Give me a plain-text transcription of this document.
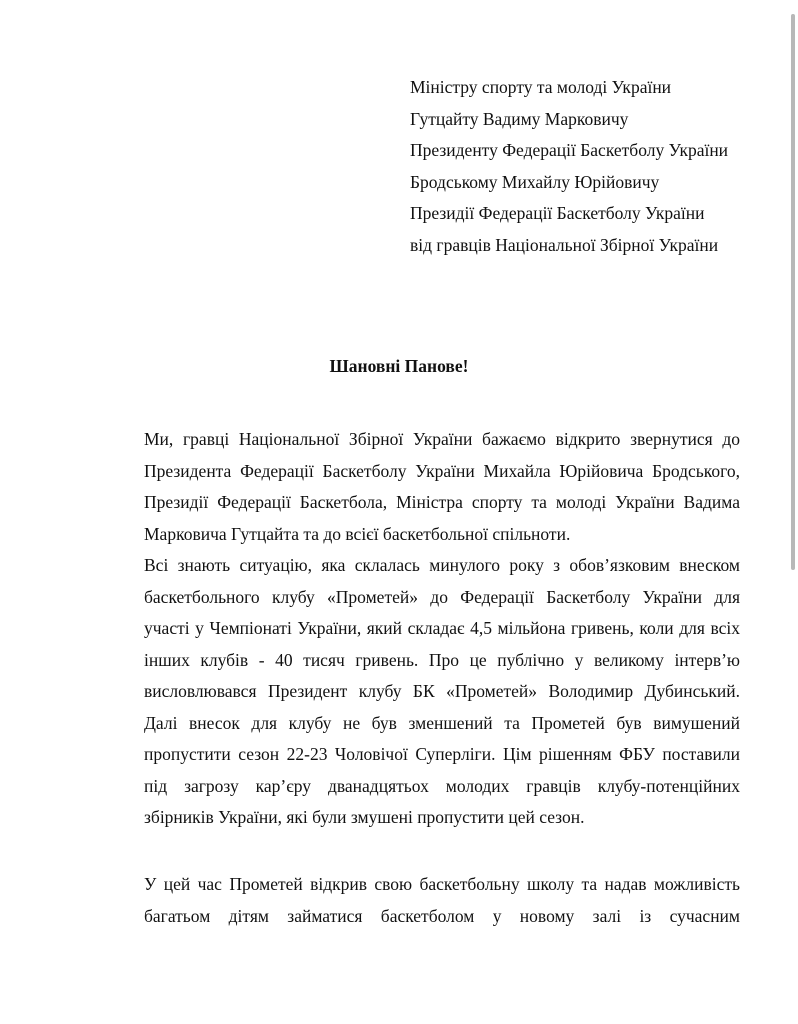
Міністру спорту та молоді України
Гутцайту Вадиму Марковичу
Президенту Федерації Баскетболу України
Бродському Михайлу Юрійовичу
Президії Федерації Баскетболу України
від гравців Національної Збірної України
Шановні Панове!
Ми, гравці Національної Збірної України бажаємо відкрито звернутися до
Президента Федерації Баскетболу України Михайла Юрійовича Бродського,
Президії Федерації Баскетбола, Міністра спорту та молоді України Вадима
Марковича Гутцайта та до всієї баскетбольної спільноти.
Всі знають ситуацію, яка склалась минулого року з обов’язковим внеском
баскетбольного клубу «Прометей» до Федерації Баскетболу України для
участі у Чемпіонаті України, який складає 4,5 мільйона гривень, коли для всіх
інших клубів - 40 тисяч гривень. Про це публічно у великому інтерв’ю
висловлювався Президент клубу БК «Прометей» Володимир Дубинський.
Далі внесок для клубу не був зменшений та Прометей був вимушений
пропустити сезон 22-23 Чоловічої Суперліги. Цім рішенням ФБУ поставили
під загрозу кар’єру дванадцятьох молодих гравців клубу-потенційних
збірників України, які були змушені пропустити цей сезон.
У цей час Прометей відкрив свою баскетбольну школу та надав можливість
багатьом дітям займатися баскетболом у новому залі із сучасним
